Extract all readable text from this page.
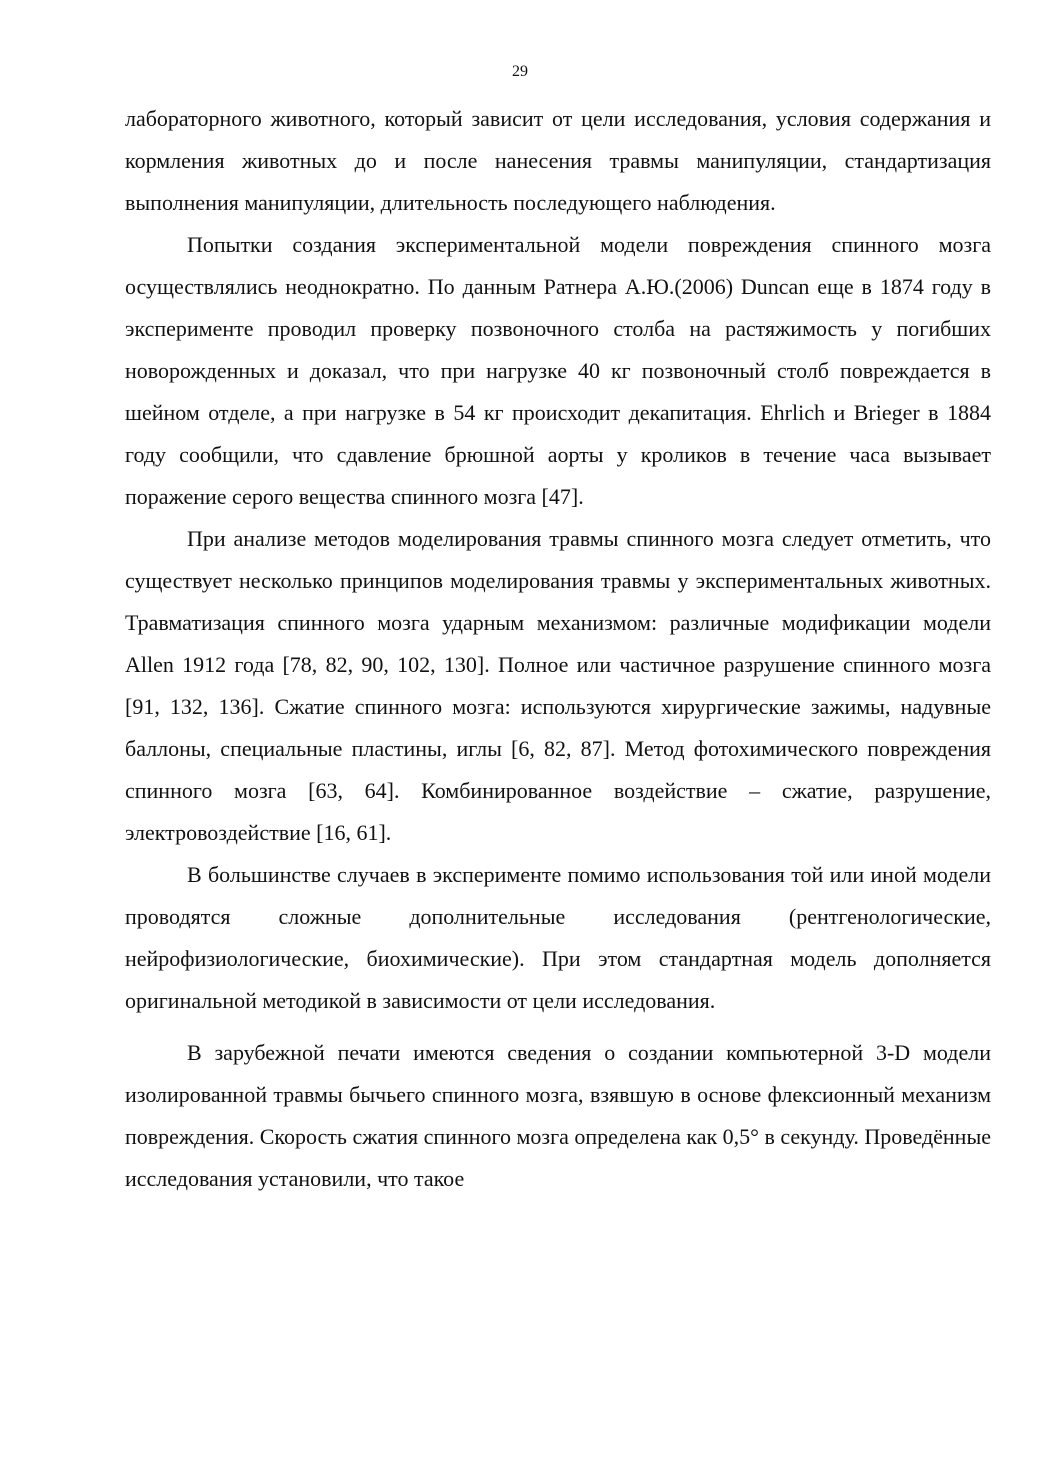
29

лабораторного животного, который зависит от цели исследования, условия содержания и кормления животных до и после нанесения травмы манипуляции, стандартизация выполнения манипуляции, длительность последующего наблюдения.

Попытки создания экспериментальной модели повреждения спинного мозга осуществлялись неоднократно. По данным Ратнера А.Ю.(2006) Duncan еще в 1874 году в эксперименте проводил проверку позвоночного столба на растяжимость у погибших новорожденных и доказал, что при нагрузке 40 кг позвоночный столб повреждается в шейном отделе, а при нагрузке в 54 кг происходит декапитация. Ehrlich и Brieger в 1884 году сообщили, что сдавление брюшной аорты у кроликов в течение часа вызывает поражение серого вещества спинного мозга [47].

При анализе методов моделирования травмы спинного мозга следует отметить, что существует несколько принципов моделирования травмы у экспериментальных животных. Травматизация спинного мозга ударным механизмом: различные модификации модели Allen 1912 года [78, 82, 90, 102, 130]. Полное или частичное разрушение спинного мозга [91, 132, 136]. Сжатие спинного мозга: используются хирургические зажимы, надувные баллоны, специальные пластины, иглы [6, 82, 87]. Метод фотохимического повреждения спинного мозга [63, 64]. Комбинированное воздействие – сжатие, разрушение, электровоздействие [16, 61].

В большинстве случаев в эксперименте помимо использования той или иной модели проводятся сложные дополнительные исследования (рентгенологические, нейрофизиологические, биохимические). При этом стандартная модель дополняется оригинальной методикой в зависимости от цели исследования.

В зарубежной печати имеются сведения о создании компьютерной 3-D модели изолированной травмы бычьего спинного мозга, взявшую в основе флексионный механизм повреждения. Скорость сжатия спинного мозга определена как 0,5° в секунду. Проведённые исследования установили, что такое
